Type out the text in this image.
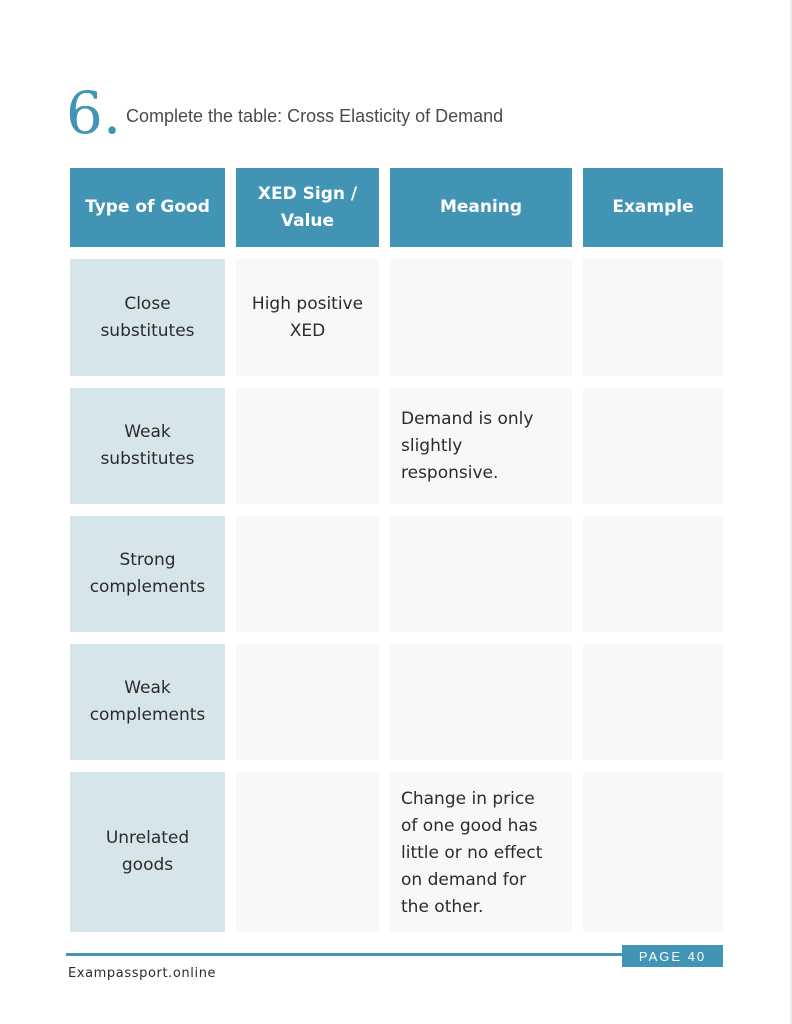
6. Complete the table: Cross Elasticity of Demand
Type of Good
XED Sign / Value
Meaning	Example
Close substitutes
High positive XED
Weak substitutes
Demand is only slightly responsive.
Strong complements
Weak complements
Unrelated goods
Change in price of one good has little or no effect on demand for the other.
PAGE 40
Exampassport.online
